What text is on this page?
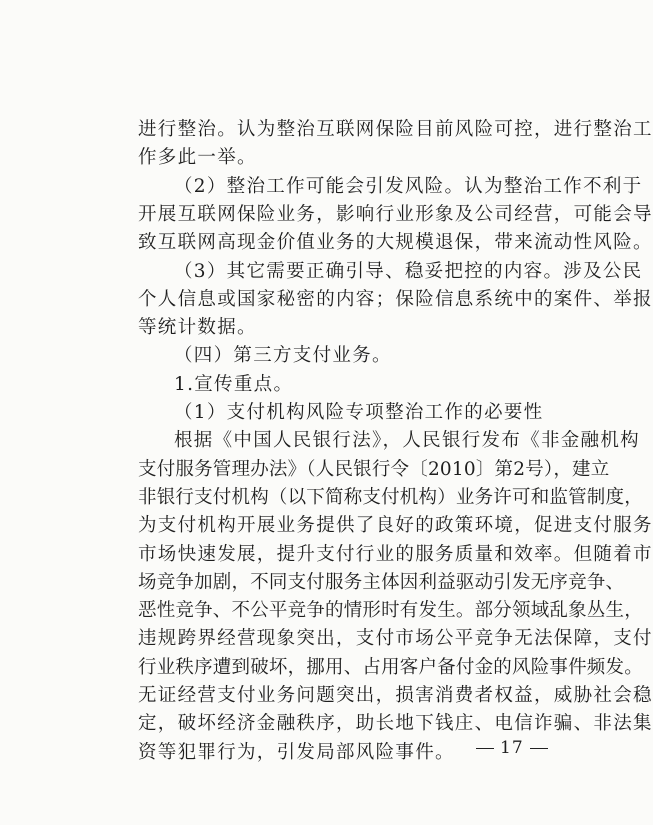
进行整治。认为整治互联网保险目前风险可控，进行整治工
作多此一举。
（2）整治工作可能会引发风险。认为整治工作不利于
开展互联网保险业务，影响行业形象及公司经营，可能会导
致互联网高现金价值业务的大规模退保，带来流动性风险。
（3）其它需要正确引导、稳妥把控的内容。涉及公民
个人信息或国家秘密的内容；保险信息系统中的案件、举报
等统计数据。
（四）第三方支付业务。
1.宣传重点。
（1）支付机构风险专项整治工作的必要性
根据《中国人民银行法》，人民银行发布《非金融机构
支付服务管理办法》（人民银行令〔2010〕第2号），建立
非银行支付机构（以下简称支付机构）业务许可和监管制度，
为支付机构开展业务提供了良好的政策环境，促进支付服务
市场快速发展，提升支付行业的服务质量和效率。但随着市
场竞争加剧，不同支付服务主体因利益驱动引发无序竞争、
恶性竞争、不公平竞争的情形时有发生。部分领域乱象丛生，
违规跨界经营现象突出，支付市场公平竞争无法保障，支付
行业秩序遭到破坏，挪用、占用客户备付金的风险事件频发。
无证经营支付业务问题突出，损害消费者权益，威胁社会稳
定，破坏经济金融秩序，助长地下钱庄、电信诈骗、非法集
资等犯罪行为，引发局部风险事件。	17
